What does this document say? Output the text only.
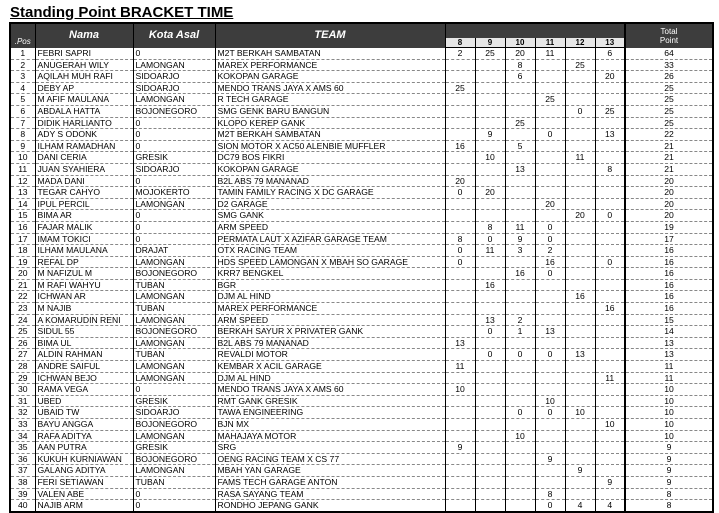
Standing Point BRACKET TIME
.Pos	Nama	Kota Asal	TEAM							Total
Point

				8	9	10	11	12	13	
1	FEBRI SAPRI	0	M2T BERKAH SAMBATAN	2	25	20	11		6	64
2	ANUGERAH WILY	LAMONGAN	MAREX PERFORMANCE			8		25		33
3	AQILAH MUH RAFI	SIDOARJO	KOKOPAN GARAGE			6			20	26
4	DEBY AP	SIDOARJO	MENDO TRANS JAYA X AMS 60	25						25
5	M AFIF MAULANA	LAMONGAN	R TECH GARAGE				25			25
6	ABDALA HATTA	BOJONEGORO	SMG GENK BARU BANGUN					0	25	25
7	DIDIK HARLIANTO	0	KLOPO KEREP GANK			25				25
8	ADY S ODONK	0	M2T BERKAH SAMBATAN		9		0		13	22
9	ILHAM RAMADHAN	0	SION MOTOR X AC50 ALENBIE MUFFLER	16		5				21
10	DANI CERIA	GRESIK	DC79 BOS FIKRI		10			11		21
11	JUAN SYAHIERA	SIDOARJO	KOKOPAN GARAGE			13			8	21
12	MADA DANI	0	B2L ABS 79 MANANAD	20						20
13	TEGAR CAHYO	MOJOKERTO	TAMIN FAMILY RACING X DC GARAGE	0	20					20
14	IPUL PERCIL	LAMONGAN	D2 GARAGE				20			20
15	BIMA AR	0	SMG GANK					20	0	20
16	FAJAR MALIK	0	ARM SPEED		8	11	0			19
17	IMAM TOKICI	0	PERMATA LAUT X AZIFAR GARAGE TEAM	8	0	9	0			17
18	ILHAM MAULANA	DRAJAT	OTX RACING TEAM	0	11	3	2			16
19	REFAL DP	LAMONGAN	HDS SPEED LAMONGAN X MBAH SO GARAGE	0			16		0	16
20	M NAFIZUL M	BOJONEGORO	KRR7 BENGKEL			16	0			16
21	M RAFI WAHYU	TUBAN	BGR		16					16
22	ICHWAN AR	LAMONGAN	DJM AL HIND					16		16
23	M NAJIB	TUBAN	MAREX PERFORMANCE						16	16
24	A KOMARUDIN RENI	LAMONGAN	ARM SPEED		13	2				15
25	SIDUL 55	BOJONEGORO	BERKAH SAYUR X PRIVATER GANK		0	1	13			14
26	BIMA UL	LAMONGAN	B2L ABS 79 MANANAD	13						13
27	ALDIN RAHMAN	TUBAN	REVALDI MOTOR		0	0	0	13		13
28	ANDRE SAIFUL	LAMONGAN	KEMBAR X ACIL GARAGE	11						11
29	ICHWAN BEJO	LAMONGAN	DJM AL HIND						11	11
30	RAMA VEGA	0	MENDO TRANS JAYA X AMS 60	10						10
31	UBED	GRESIK	RMT GANK GRESIK				10			10
32	UBAID TW	SIDOARJO	TAWA ENGINEERING			0	0	10		10
33	BAYU ANGGA	BOJONEGORO	BJN MX						10	10
34	RAFA ADITYA	LAMONGAN	MAHAJAYA MOTOR			10				10
35	AAN PUTRA	GRESIK	SRG	9						9
36	KUKUH KURNIAWAN	BOJONEGORO	OENG RACING TEAM X CS 77				9			9
37	GALANG ADITYA	LAMONGAN	MBAH YAN GARAGE					9		9
38	FERI SETIAWAN	TUBAN	FAMS TECH GARAGE ANTON						9	9
39	VALEN ABE	0	RASA SAYANG TEAM				8			8
40	NAJIB ARM	0	RONDHO JEPANG GANK				0	4	4	8
